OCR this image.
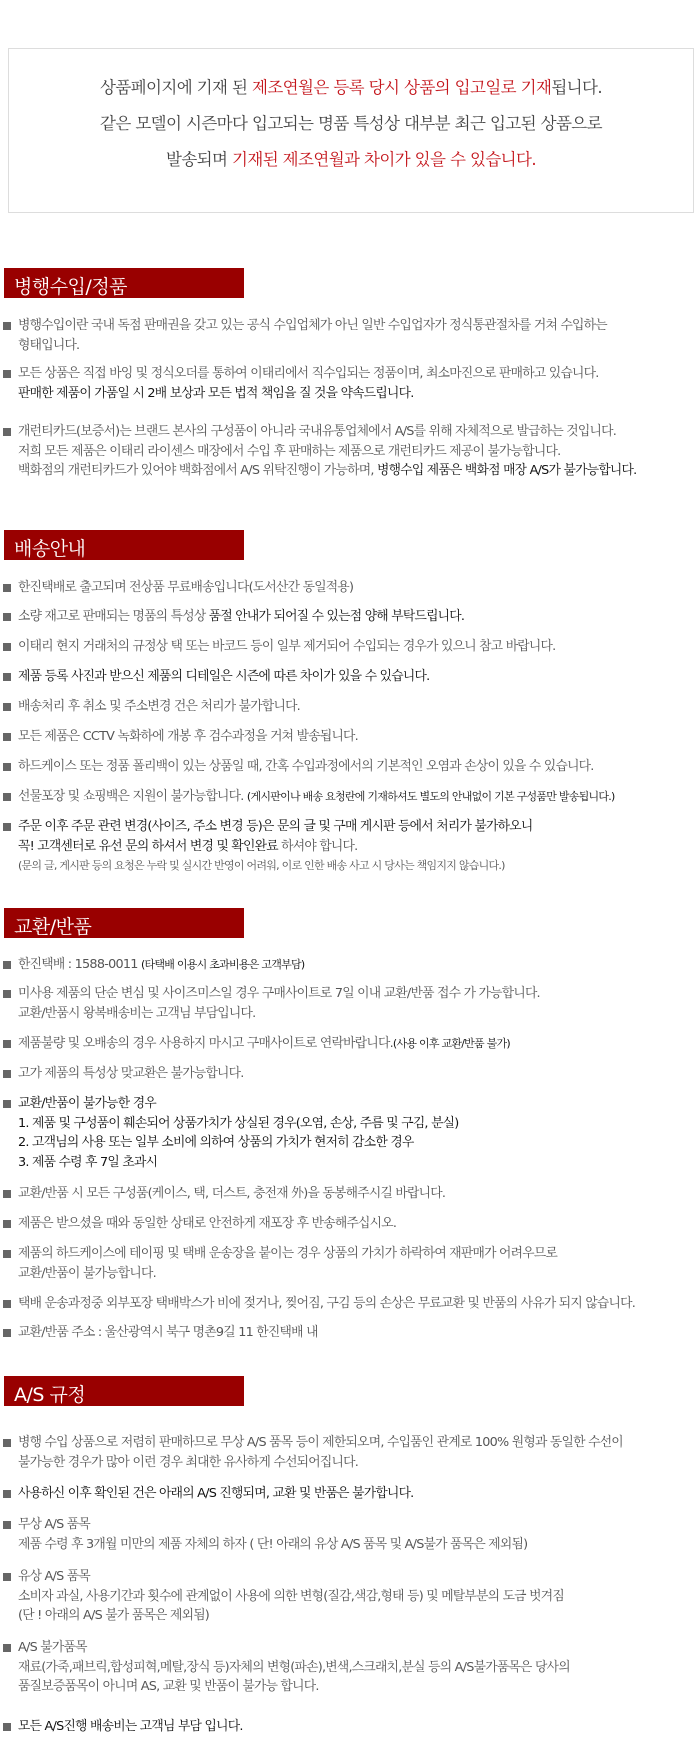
상품페이지에 기재 된 제조연월은 등록 당시 상품의 입고일로 기재됩니다.

같은 모델이 시즌마다 입고되는 명품 특성상 대부분 최근 입고된 상품으로

발송되며 기재된 제조연월과 차이가 있을 수 있습니다.

병행수입/정품
병행수입이란 국내 독점 판매권을 갖고 있는 공식 수입업체가 아닌 일반 수입업자가 정식통관절차를 거쳐 수입하는
형태입니다.
모든 상품은 직접 바잉 및 정식오더를 통하여 이태리에서 직수입되는 정품이며, 최소마진으로 판매하고 있습니다.
판매한 제품이 가품일 시 2배 보상과 모든 법적 책임을 질 것을 약속드립니다.
개런티카드(보증서)는 브랜드 본사의 구성품이 아니라 국내유통업체에서 A/S를 위해 자체적으로 발급하는 것입니다.
저희 모든 제품은 이태리 라이센스 매장에서 수입 후 판매하는 제품으로 개런티카드 제공이 불가능합니다.
백화점의 개런티카드가 있어야 백화점에서 A/S 위탁진행이 가능하며, 병행수입 제품은 백화점 매장 A/S가 불가능합니다.
배송안내
한진택배로 출고되며 전상품 무료배송입니다(도서산간 동일적용)
소량 재고로 판매되는 명품의 특성상 품절 안내가 되어질 수 있는점 양해 부탁드립니다.
이태리 현지 거래처의 규정상 택 또는 바코드 등이 일부 제거되어 수입되는 경우가 있으니 참고 바랍니다.
제품 등록 사진과 받으신 제품의 디테일은 시즌에 따른 차이가 있을 수 있습니다.
배송처리 후 취소 및 주소변경 건은 처리가 불가합니다.
모든 제품은 CCTV 녹화하에 개봉 후 검수과정을 거쳐 발송됩니다.
하드케이스 또는 정품 폴리백이 있는 상품일 때, 간혹 수입과정에서의 기본적인 오염과 손상이 있을 수 있습니다.
선물포장 및 쇼핑백은 지원이 불가능합니다. (게시판이나 배송 요청란에 기재하셔도 별도의 안내없이 기본 구성품만 발송됩니다.)
주문 이후 주문 관련 변경(사이즈, 주소 변경 등)은 문의 글 및 구매 게시판 등에서 처리가 불가하오니
꼭! 고객센터로 유선 문의 하셔서 변경 및 확인완료 하셔야 합니다.
(문의 글, 게시판 등의 요청은 누락 및 실시간 반영이 어려워, 이로 인한 배송 사고 시 당사는 책임지지 않습니다.)
교환/반품
한진택배 : 1588-0011 (타택배 이용시 초과비용은 고객부담)
미사용 제품의 단순 변심 및 사이즈미스일 경우 구매사이트로 7일 이내 교환/반품 접수 가 가능합니다.
교환/반품시 왕복배송비는 고객님 부담입니다.
제품불량 및 오배송의 경우 사용하지 마시고 구매사이트로 연락바랍니다.(사용 이후 교환/반품 불가)
고가 제품의 특성상 맞교환은 불가능합니다.
교환/반품이 불가능한 경우
1. 제품 및 구성품이 훼손되어 상품가치가 상실된 경우(오염, 손상, 주름 및 구김, 분실)
2. 고객님의 사용 또는 일부 소비에 의하여 상품의 가치가 현저히 감소한 경우
3. 제품 수령 후 7일 초과시
교환/반품 시 모든 구성품(케이스, 택, 더스트, 충전재 外)을 동봉해주시길 바랍니다.
제품은 받으셨을 때와 동일한 상태로 안전하게 재포장 후 반송해주십시오.
제품의 하드케이스에 테이핑 및 택배 운송장을 붙이는 경우 상품의 가치가 하락하여 재판매가 어려우므로
교환/반품이 불가능합니다.
택배 운송과정중 외부포장 택배박스가 비에 젖거나, 찢어짐, 구김 등의 손상은 무료교환 및 반품의 사유가 되지 않습니다.
교환/반품 주소 : 울산광역시 북구 명촌9길 11 한진택배 내
A/S 규정
병행 수입 상품으로 저렴히 판매하므로 무상 A/S 품목 등이 제한되오며, 수입품인 관계로 100% 원형과 동일한 수선이
불가능한 경우가 많아 이런 경우 최대한 유사하게 수선되어집니다.
사용하신 이후 확인된 건은 아래의 A/S 진행되며, 교환 및 반품은 불가합니다.
무상 A/S 품목
제품 수령 후 3개월 미만의 제품 자체의 하자 ( 단! 아래의 유상 A/S 품목 및 A/S불가 품목은 제외됨)
유상 A/S 품목
소비자 과실, 사용기간과 횟수에 관계없이 사용에 의한 변형(질감,색감,형태 등) 및 메탈부분의 도금 벗겨짐
(단 ! 아래의 A/S 불가 품목은 제외됨)
A/S 불가품목
재료(가죽,패브릭,합성피혁,메탈,장식 등)자체의 변형(파손),변색,스크래치,분실 등의 A/S불가품목은 당사의
품질보증품목이 아니며 AS, 교환 및 반품이 불가능 합니다.
모든 A/S진행 배송비는 고객님 부담 입니다.
